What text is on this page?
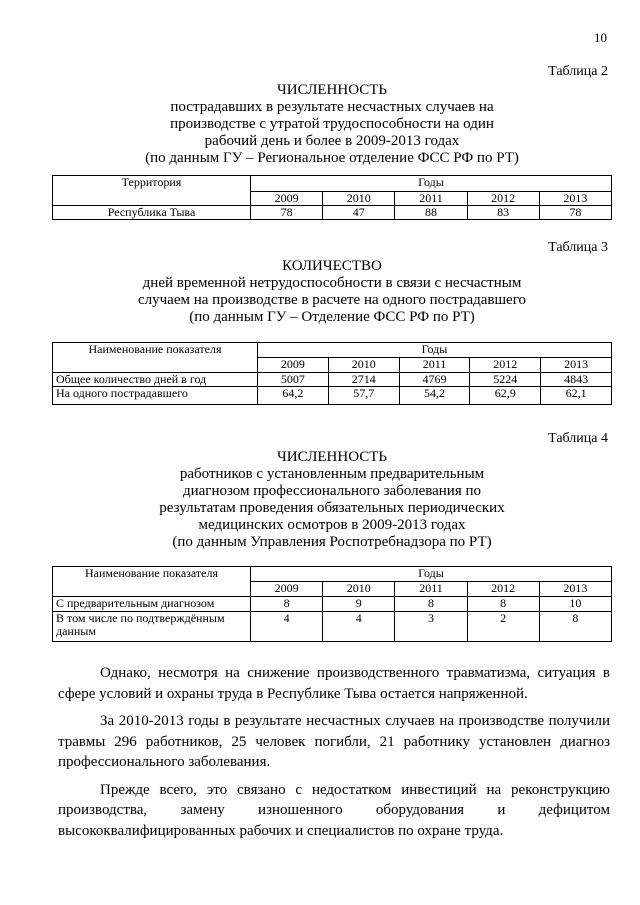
10
Таблица 2
ЧИСЛЕННОСТЬ
пострадавших в результате несчастных случаев на
производстве с утратой трудоспособности на один
рабочий день и более в 2009-2013 годах
(по данным ГУ – Региональное отделение ФСС РФ по РТ)
Территория	Годы				
	2009	2010	2011	2012	2013
Республика Тыва	78	47	88	83	78
Таблица 3
КОЛИЧЕСТВО
дней временной нетрудоспособности в связи с несчастным
случаем на производстве в расчете на одного пострадавшего
(по данным ГУ – Отделение ФСС РФ по РТ)
Наименование показателя	Годы				
	2009	2010	2011	2012	2013
Общее количество дней в год	5007	2714	4769	5224	4843
На одного пострадавшего	64,2	57,7	54,2	62,9	62,1
Таблица 4
ЧИСЛЕННОСТЬ
работников с установленным предварительным
диагнозом профессионального заболевания по
результатам проведения обязательных периодических
медицинских осмотров в 2009-2013 годах
(по данным Управления Роспотребнадзора по РТ)
Наименование показателя	Годы				
	2009	2010	2011	2012	2013
С предварительным диагнозом	8	9	8	8	10
В том числе по подтверждённым данным	4	4	3	2	8

Однако, несмотря на снижение производственного травматизма, ситуация в сфере условий и охраны труда в Республике Тыва остается напряженной.

За 2010-2013 годы в результате несчастных случаев на производстве получили травмы 296 работников, 25 человек погибли, 21 работнику установлен диагноз профессионального заболевания.

Прежде всего, это связано с недостатком инвестиций на реконструкцию производства, замену изношенного оборудования и дефицитом высококвалифицированных рабочих и специалистов по охране труда.
